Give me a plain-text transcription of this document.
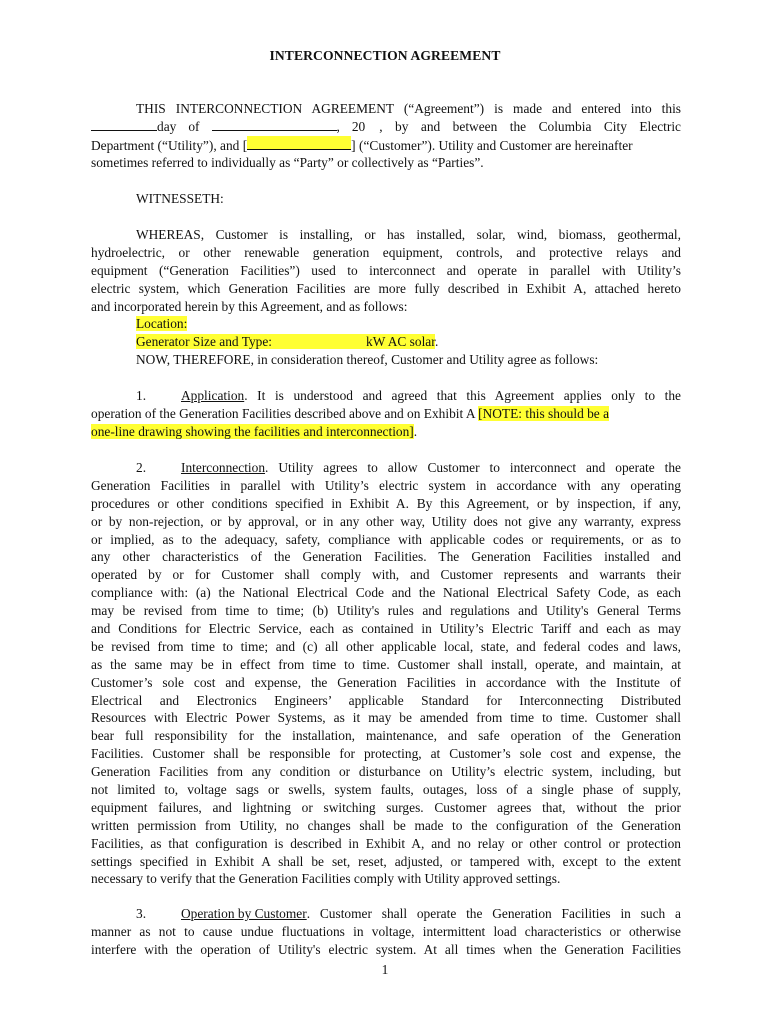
INTERCONNECTION AGREEMENT
THIS INTERCONNECTION AGREEMENT (“Agreement”) is made and entered into this
day of	, 20 , by and between the Columbia City Electric
Department (“Utility”), and [	] (“Customer”). Utility and Customer are hereinafter
sometimes referred to individually as “Party” or collectively as “Parties”.
WITNESSETH:
WHEREAS, Customer is installing, or has installed, solar, wind, biomass, geothermal,
hydroelectric, or other renewable generation equipment, controls, and protective relays and
equipment (“Generation Facilities”) used to interconnect and operate in parallel with Utility’s
electric system, which Generation Facilities are more fully described in Exhibit A, attached hereto
and incorporated herein by this Agreement, and as follows:
Location:
Generator Size and Type:	kW AC solar.
NOW, THEREFORE, in consideration thereof, Customer and Utility agree as follows:
1.	Application . It is understood and agreed that this Agreement applies only to the
operation of the Generation Facilities described above and on Exhibit A [NOTE: this should be a
one-line drawing showing the facilities and interconnection].
2.	Interconnection . Utility agrees to allow Customer to interconnect and operate the
Generation Facilities in parallel with Utility’s electric system in accordance with any operating
procedures or other conditions specified in Exhibit A. By this Agreement, or by inspection, if any,
or by non-rejection, or by approval, or in any other way, Utility does not give any warranty, express
or implied, as to the adequacy, safety, compliance with applicable codes or requirements, or as to
any other characteristics of the Generation Facilities. The Generation Facilities installed and
operated by or for Customer shall comply with, and Customer represents and warrants their
compliance with: (a) the National Electrical Code and the National Electrical Safety Code, as each
may be revised from time to time; (b) Utility's rules and regulations and Utility's General Terms
and Conditions for Electric Service, each as contained in Utility’s Electric Tariff and each as may
be revised from time to time; and (c) all other applicable local, state, and federal codes and laws,
as the same may be in effect from time to time. Customer shall install, operate, and maintain, at
Customer’s sole cost and expense, the Generation Facilities in accordance with the Institute of
Electrical and Electronics Engineers’ applicable Standard for Interconnecting Distributed
Resources with Electric Power Systems, as it may be amended from time to time. Customer shall
bear full responsibility for the installation, maintenance, and safe operation of the Generation
Facilities. Customer shall be responsible for protecting, at Customer’s sole cost and expense, the
Generation Facilities from any condition or disturbance on Utility’s electric system, including, but
not limited to, voltage sags or swells, system faults, outages, loss of a single phase of supply,
equipment failures, and lightning or switching surges. Customer agrees that, without the prior
written permission from Utility, no changes shall be made to the configuration of the Generation
Facilities, as that configuration is described in Exhibit A, and no relay or other control or protection
settings specified in Exhibit A shall be set, reset, adjusted, or tampered with, except to the extent
necessary to verify that the Generation Facilities comply with Utility approved settings.
3.	Operation by Customer . Customer shall operate the Generation Facilities in such a
manner as not to cause undue fluctuations in voltage, intermittent load characteristics or otherwise
interfere with the operation of Utility's electric system. At all times when the Generation Facilities
1
